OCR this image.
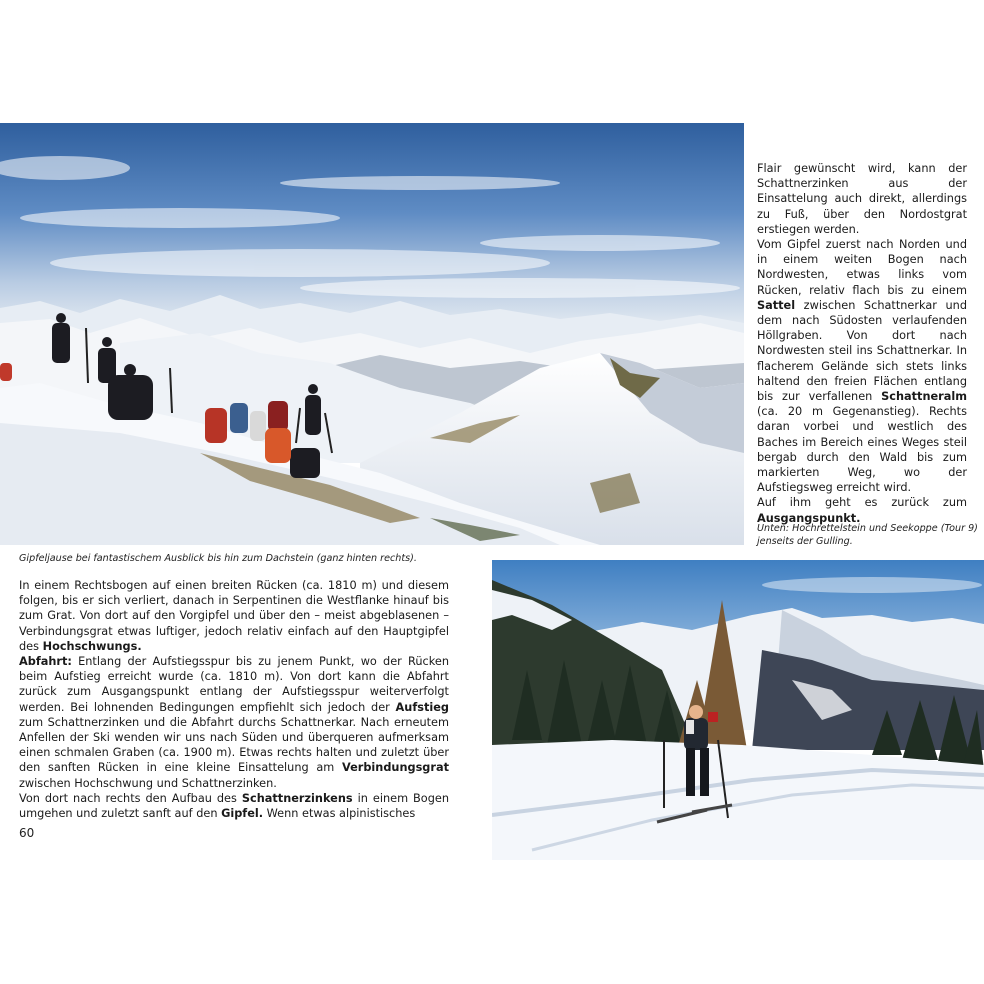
Flair gewünscht wird, kann der Schattnerzinken aus der Einsattelung auch direkt, allerdings zu Fuß, über den Nordostgrat erstiegen werden.

Vom Gipfel zuerst nach Norden und in einem weiten Bogen nach Nordwesten, etwas links vom Rücken, relativ flach bis zu einem Sattel zwischen Schattnerkar und dem nach Südosten verlaufenden Höllgraben. Von dort nach Nordwesten steil ins Schattnerkar. In flacherem Gelände sich stets links haltend den freien Flächen entlang bis zur verfallenen Schattneralm (ca. 20 m Gegenanstieg). Rechts daran vorbei und westlich des Baches im Bereich eines Weges steil bergab durch den Wald bis zum markierten Weg, wo der Aufstiegsweg erreicht wird.

Auf ihm geht es zurück zum Ausgangspunkt.

Unten: Hochrettelstein und Seekoppe (Tour 9) jenseits der Gulling.
Gipfeljause bei fantastischem Ausblick bis hin zum Dachstein (ganz hinten rechts).

In einem Rechtsbogen auf einen breiten Rücken (ca. 1810 m) und diesem folgen, bis er sich verliert, danach in Serpentinen die Westflanke hinauf bis zum Grat. Von dort auf den Vorgipfel und über den – meist abgeblasenen – Verbindungsgrat etwas luftiger, jedoch relativ einfach auf den Hauptgipfel des Hochschwungs.

Abfahrt: Entlang der Aufstiegsspur bis zu jenem Punkt, wo der Rücken beim Aufstieg erreicht wurde (ca. 1810 m). Von dort kann die Abfahrt zurück zum Ausgangspunkt entlang der Aufstiegsspur weiterverfolgt werden. Bei lohnenden Bedingungen empfiehlt sich jedoch der Aufstieg zum Schattnerzinken und die Abfahrt durchs Schattnerkar. Nach erneutem Anfellen der Ski wenden wir uns nach Süden und überqueren aufmerksam einen schmalen Graben (ca. 1900 m). Etwas rechts halten und zuletzt über den sanften Rücken in eine kleine Einsattelung am Verbindungsgrat zwischen Hochschwung und Schattnerzinken.

Von dort nach rechts den Aufbau des Schattnerzinkens in einem Bogen umgehen und zuletzt sanft auf den Gipfel. Wenn etwas alpinistisches

60
